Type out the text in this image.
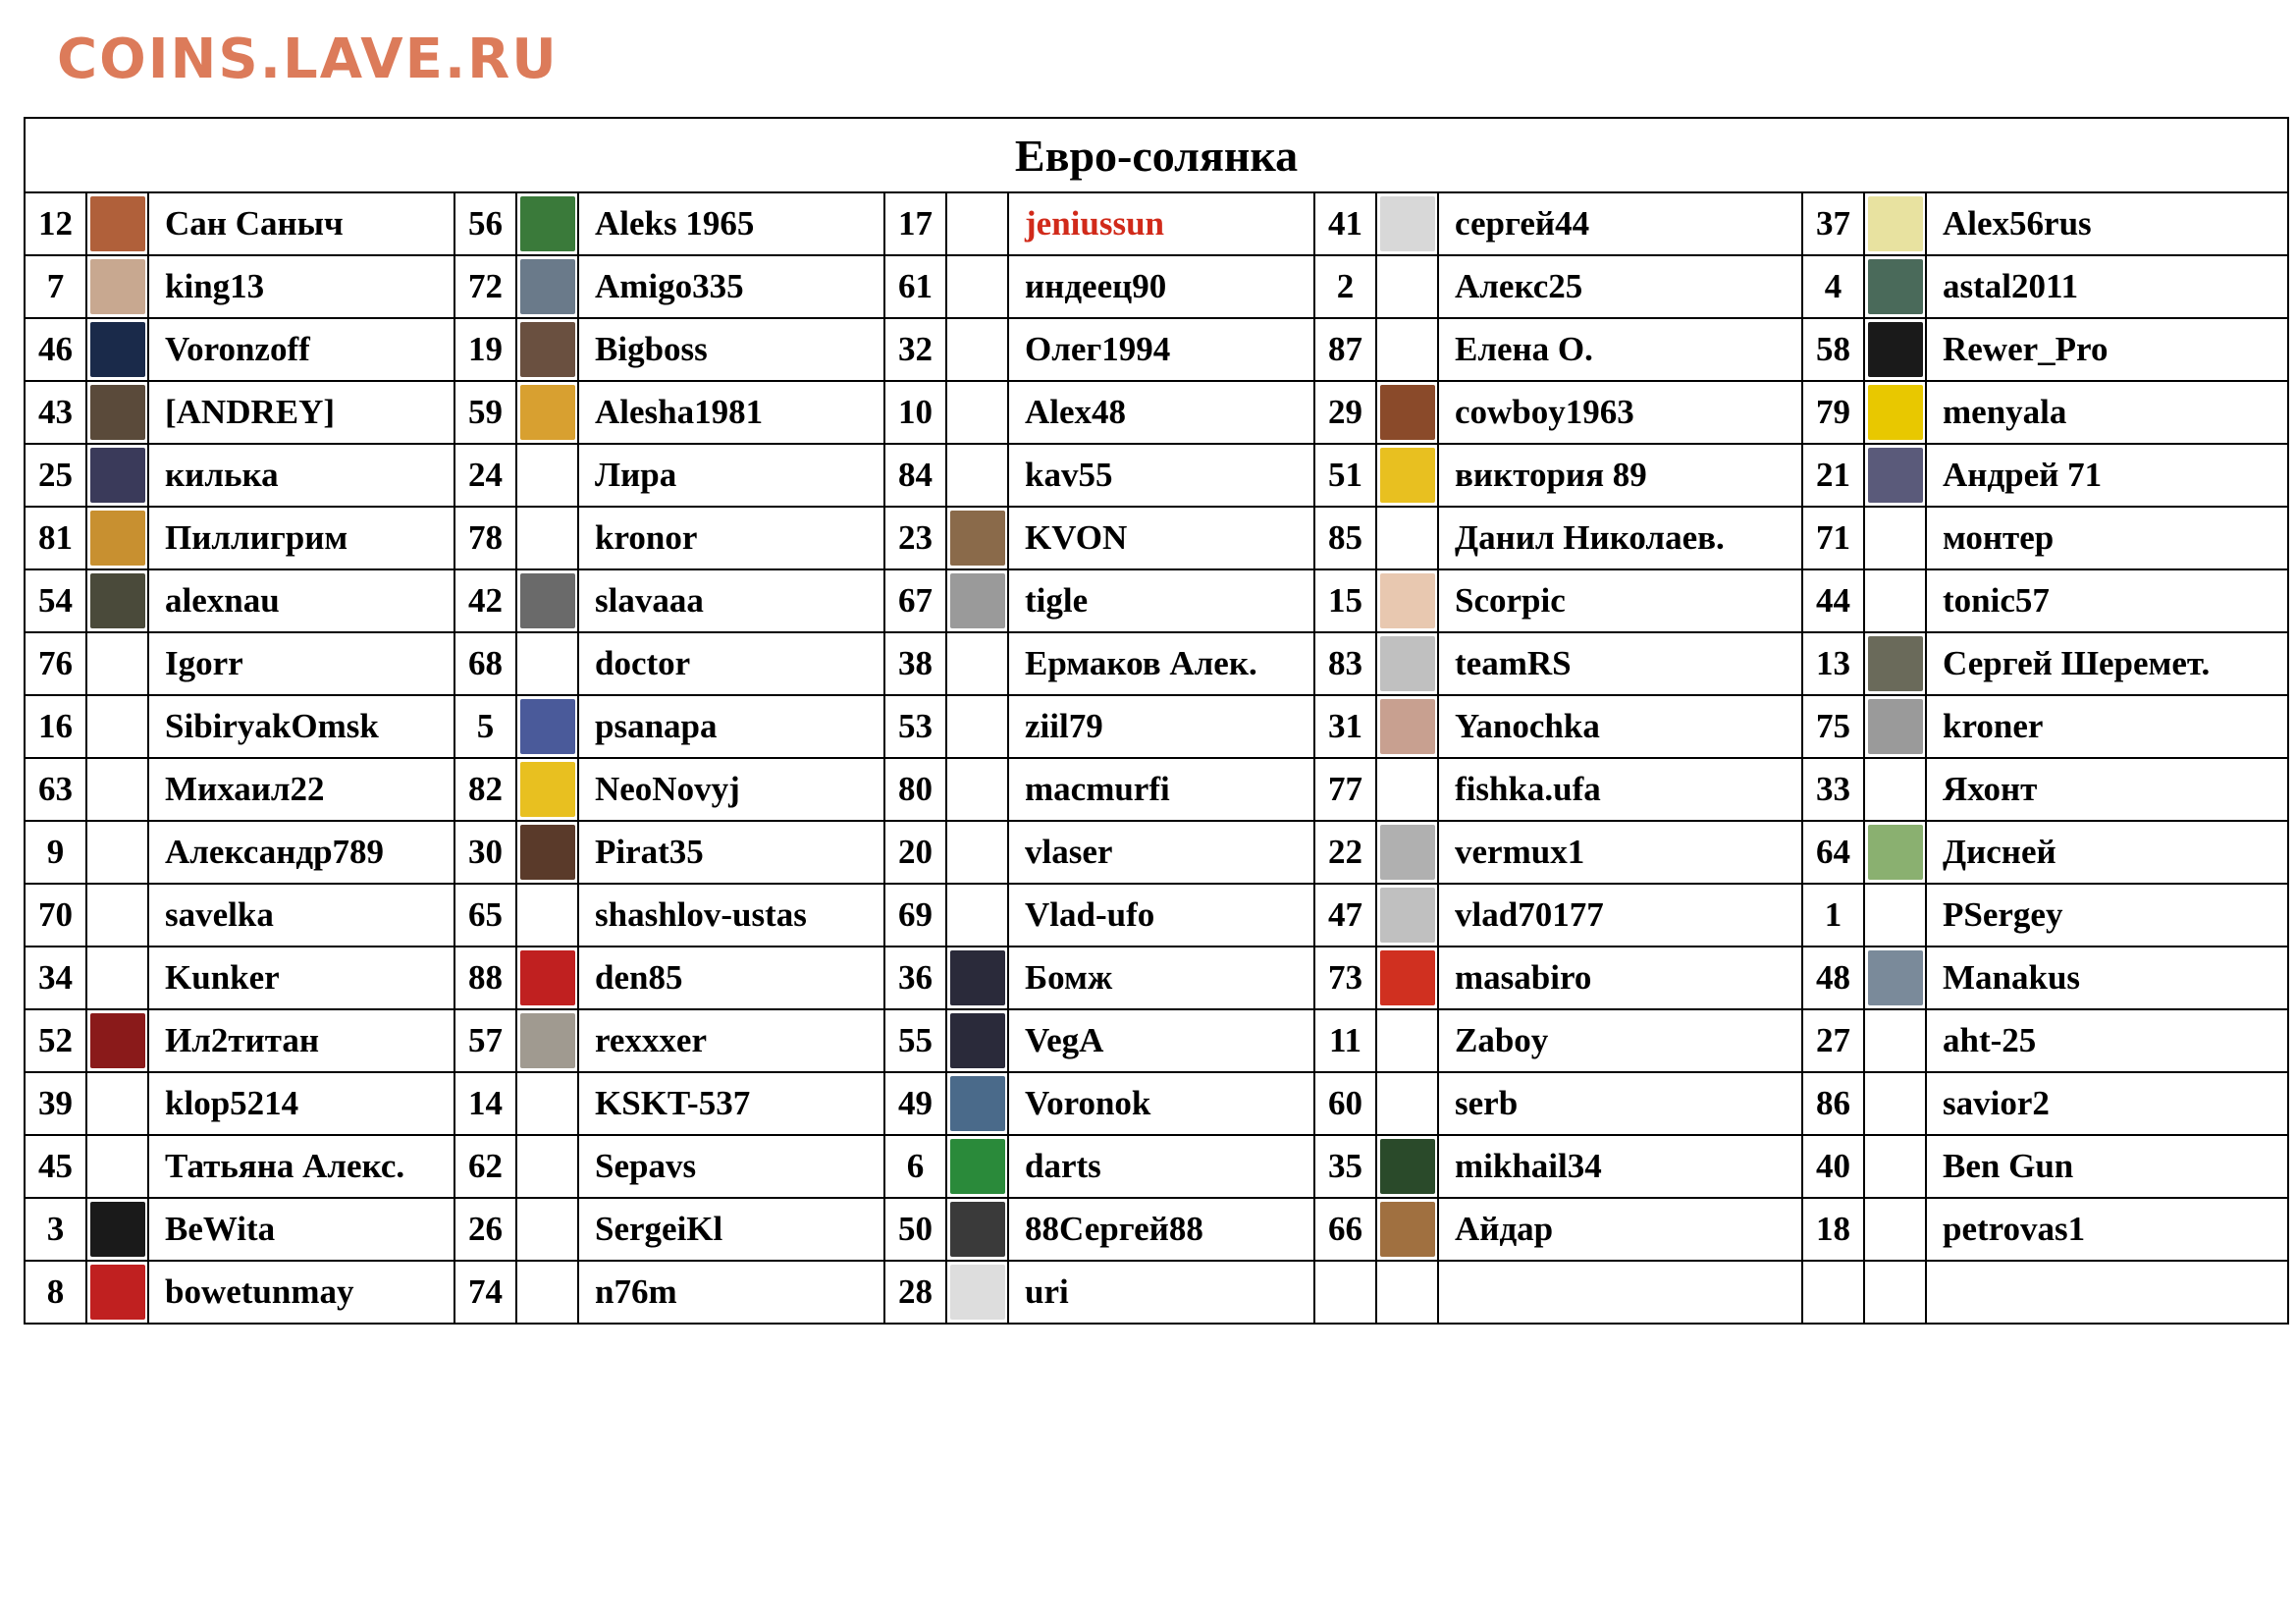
COINS.LAVE.RU
Евро-солянка														
12		Сан Саныч	56		Aleks 1965	17		jeniussun	41		сергей44	37		Alex56rus
7		king13	72		Amigo335	61		индеец90	2		Алекс25	4		astal2011
46		Voronzoff	19		Bigboss	32		Олег1994	87		Елена О.	58		Rewer_Pro
43		[ANDREY]	59		Alesha1981	10		Alex48	29		cowboy1963	79		menyala
25		килька	24		Лира	84		kav55	51		виктория 89	21		Андрей 71
81		Пиллигрим	78		kronor	23		KVON	85		Данил Николаев.	71		монтер
54		alexnau	42		slavaaa	67		tigle	15		Scorpic	44		tonic57
76		Igorr	68		doctor	38		Ермаков Алек.	83		teamRS	13		Сергей Шеремет.
16		SibiryakOmsk	5		psanapa	53		ziil79	31		Yanochka	75		kroner
63		Михаил22	82		NeoNovyj	80		macmurfi	77		fishka.ufa	33		Яхонт
9		Александр789	30		Pirat35	20		vlaser	22		vermux1	64		Дисней
70		savelka	65		shashlov-ustas	69		Vlad-ufo	47		vlad70177	1		PSergey
34		Kunker	88		den85	36		Бомж	73		masabiro	48		Manakus
52		Ил2титан	57		rexxxer	55		VegA	11		Zaboy	27		aht-25
39		klop5214	14		KSKT-537	49		Voronok	60		serb	86		savior2
45		Татьяна Алекс.	62		Sepavs	6		darts	35		mikhail34	40		Ben Gun
3		BeWita	26		SergeiKl	50		88Сергей88	66		Айдар	18		petrovas1
8		bowetunmay	74		n76m	28		uri						
